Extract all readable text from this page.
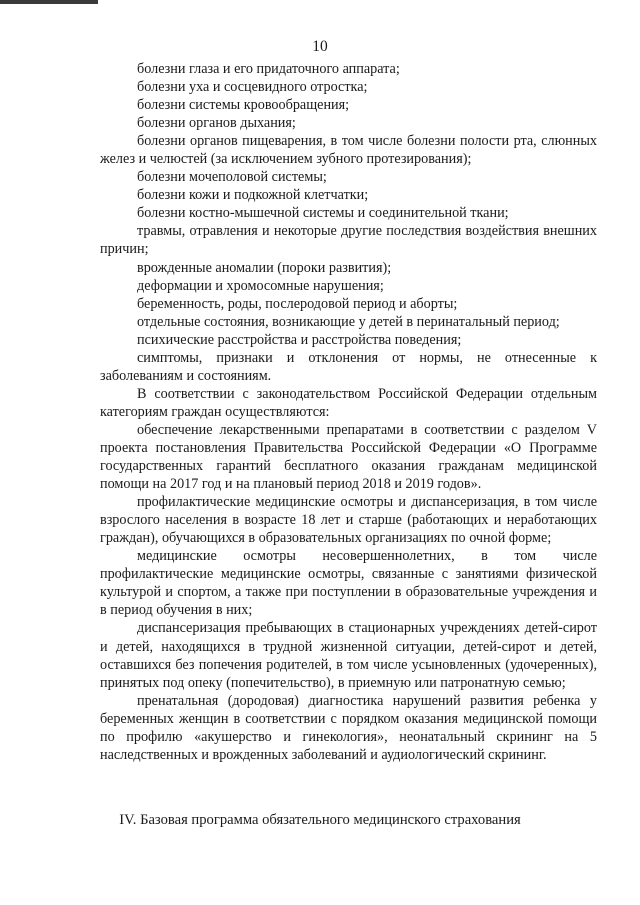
10

болезни глаза и его придаточного аппарата;

болезни уха и сосцевидного отростка;

болезни системы кровообращения;

болезни органов дыхания;

болезни органов пищеварения, в том числе болезни полости рта, слюнных желез и челюстей (за исключением зубного протезирования);

болезни мочеполовой системы;

болезни кожи и подкожной клетчатки;

болезни костно-мышечной системы и соединительной ткани;

травмы, отравления и некоторые другие последствия воздействия внешних причин;

врожденные аномалии (пороки развития);

деформации и хромосомные нарушения;

беременность, роды, послеродовой период и аборты;

отдельные состояния, возникающие у детей в перинатальный период;

психические расстройства и расстройства поведения;

симптомы, признаки и отклонения от нормы, не отнесенные к заболеваниям и состояниям.

В соответствии с законодательством Российской Федерации отдельным категориям граждан осуществляются:

обеспечение лекарственными препаратами в соответствии с разделом V проекта постановления Правительства Российской Федерации «О Программе государственных гарантий бесплатного оказания гражданам медицинской помощи на 2017 год и на плановый период 2018 и 2019 годов».

профилактические медицинские осмотры и диспансеризация, в том числе взрослого населения в возрасте 18 лет и старше (работающих и неработающих граждан), обучающихся в образовательных организациях по очной форме;

медицинские осмотры несовершеннолетних, в том числе профилактические медицинские осмотры, связанные с занятиями физической культурой и спортом, а также при поступлении в образовательные учреждения и в период обучения в них;

диспансеризация пребывающих в стационарных учреждениях детей-сирот и детей, находящихся в трудной жизненной ситуации, детей-сирот и детей, оставшихся без попечения родителей, в том числе усыновленных (удочеренных), принятых под опеку (попечительство), в приемную или патронатную семью;

пренатальная (дородовая) диагностика нарушений развития ребенка у беременных женщин в соответствии с порядком оказания медицинской помощи по профилю «акушерство и гинекология», неонатальный скрининг на 5 наследственных и врожденных заболеваний и аудиологический скрининг.

IV. Базовая программа обязательного медицинского страхования
